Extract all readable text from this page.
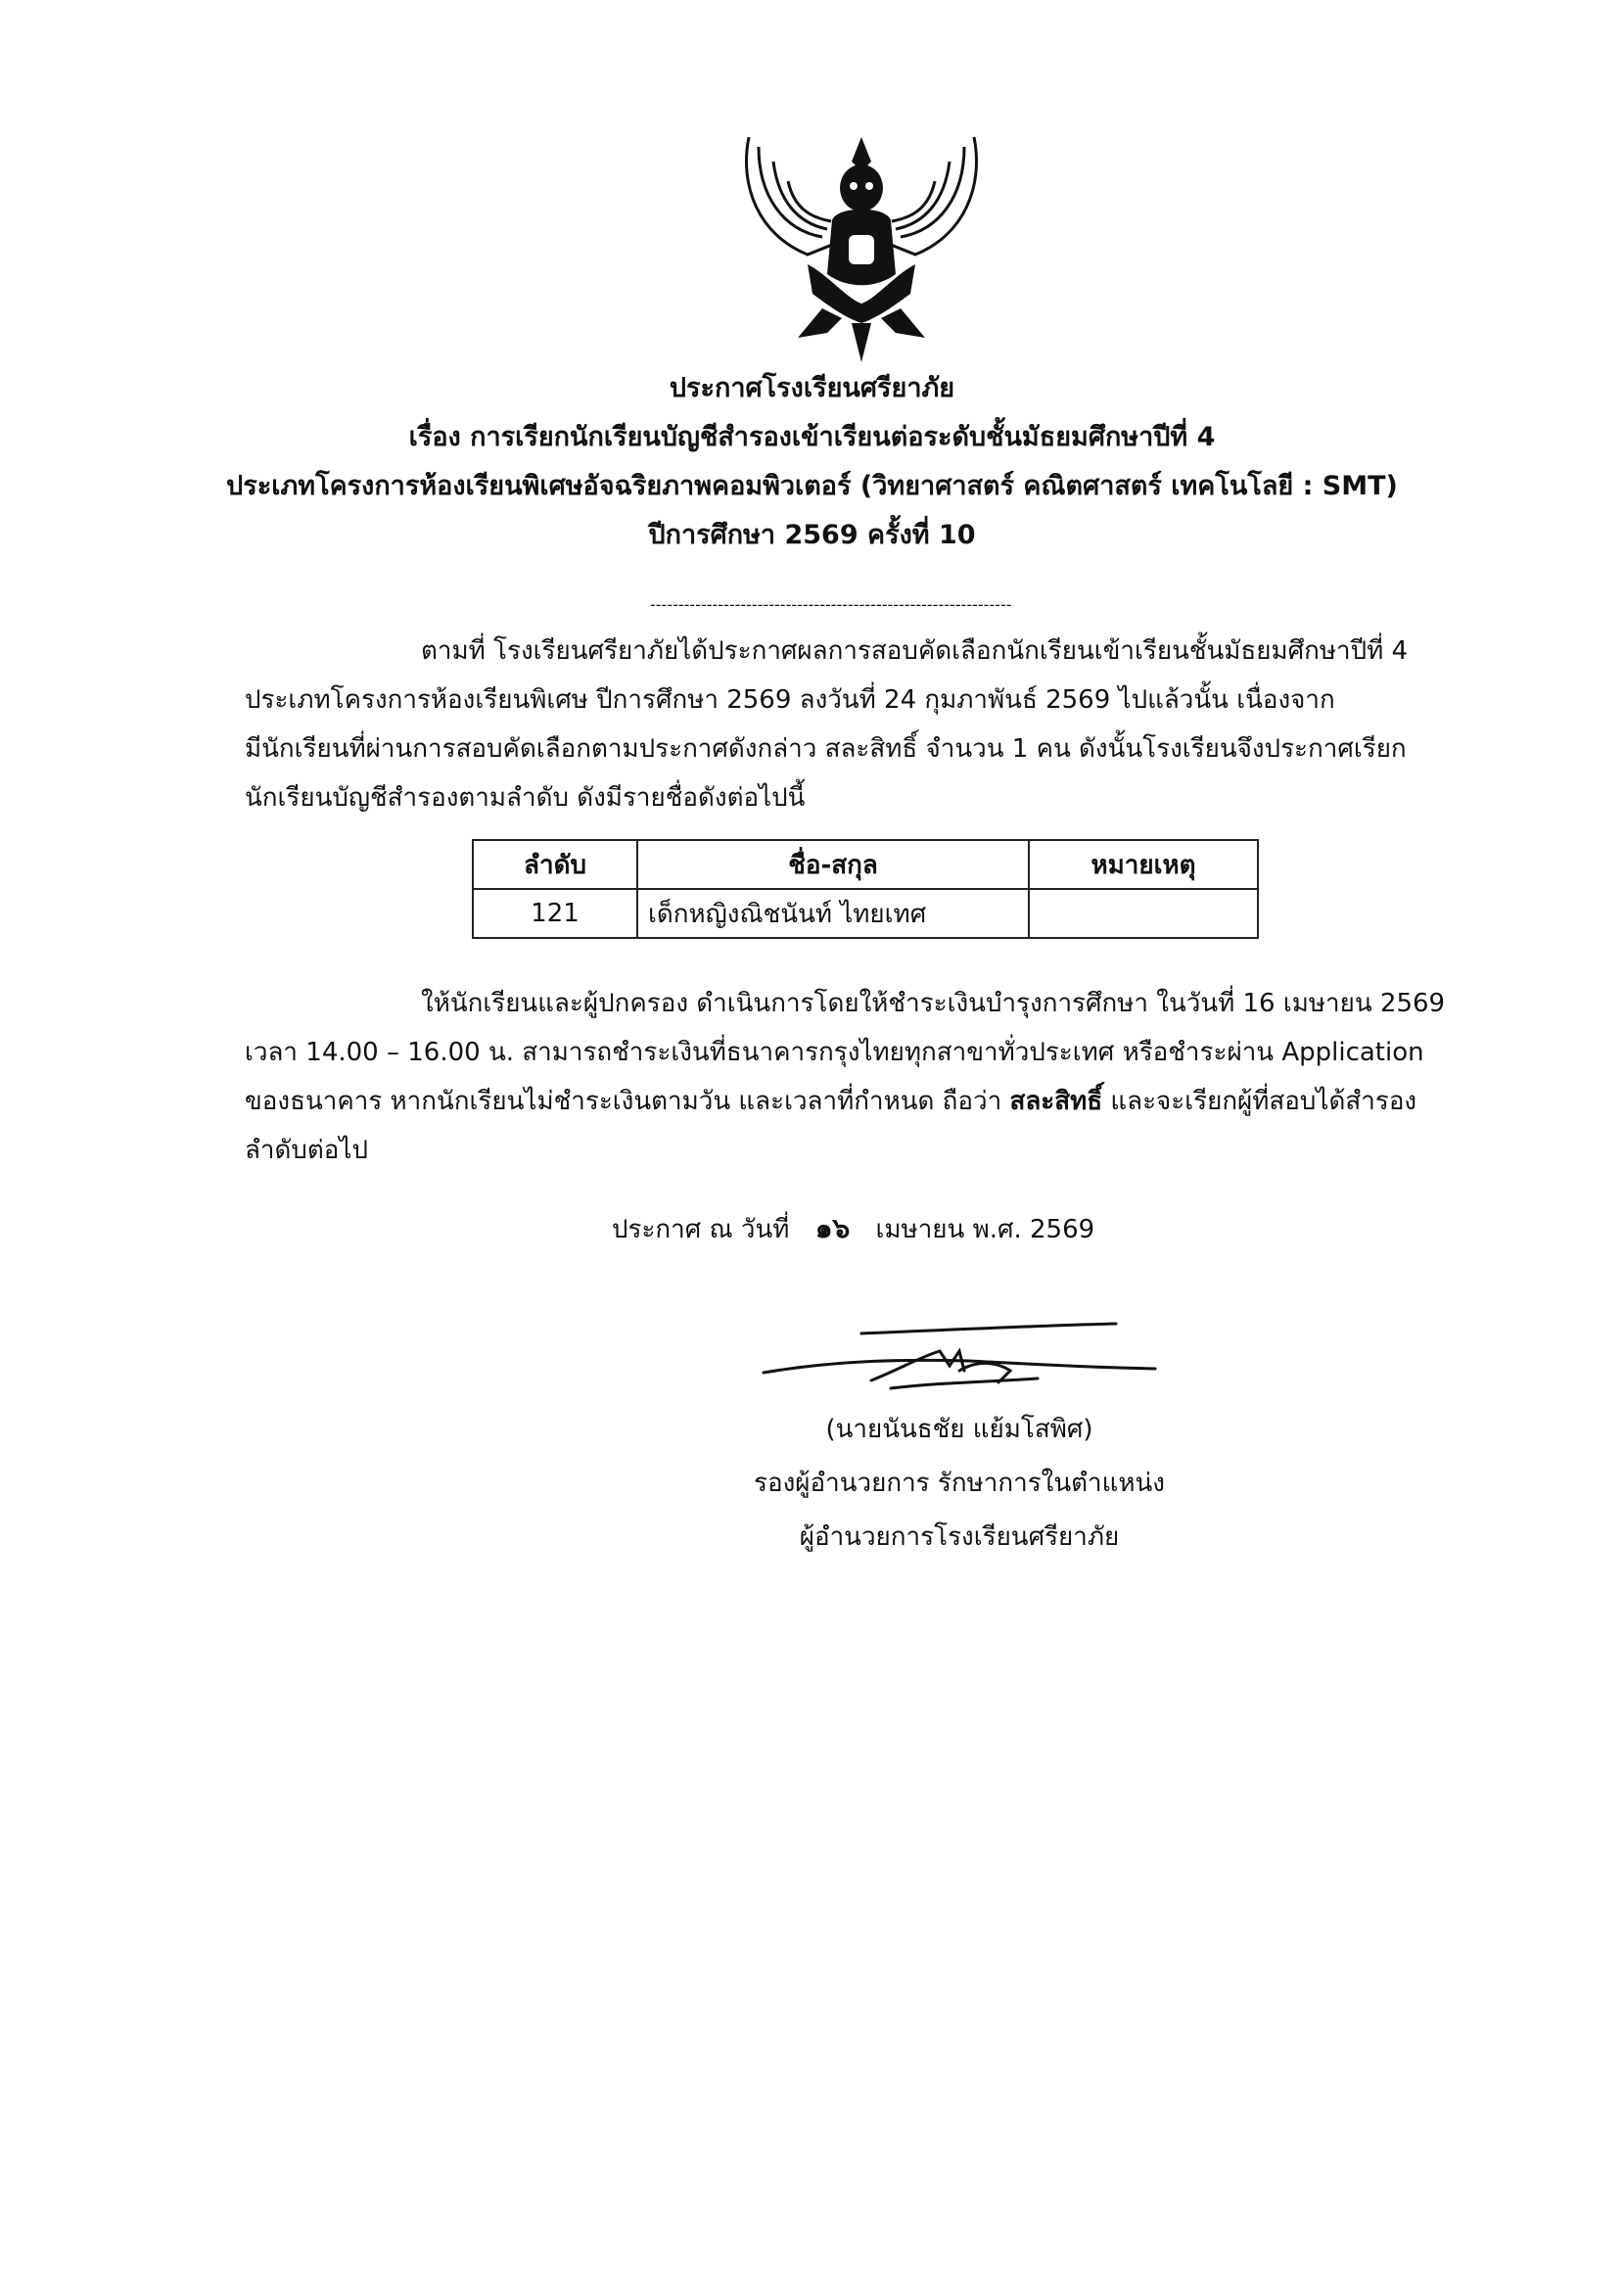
ประกาศโรงเรียนศรียาภัย
เรื่อง การเรียกนักเรียนบัญชีสำรองเข้าเรียนต่อระดับชั้นมัธยมศึกษาปีที่ 4
ประเภทโครงการห้องเรียนพิเศษอัจฉริยภาพคอมพิวเตอร์ (วิทยาศาสตร์ คณิตศาสตร์ เทคโนโลยี : SMT)
ปีการศึกษา 2569 ครั้งที่ 10
----------------------------------------------------------------
ตามที่ โรงเรียนศรียาภัยได้ประกาศผลการสอบคัดเลือกนักเรียนเข้าเรียนชั้นมัธยมศึกษาปีที่ 4
ประเภทโครงการห้องเรียนพิเศษ ปีการศึกษา 2569 ลงวันที่ 24 กุมภาพันธ์ 2569 ไปแล้วนั้น เนื่องจาก
มีนักเรียนที่ผ่านการสอบคัดเลือกตามประกาศดังกล่าว สละสิทธิ์ จำนวน 1 คน ดังนั้นโรงเรียนจึงประกาศเรียก
นักเรียนบัญชีสำรองตามลำดับ ดังมีรายชื่อดังต่อไปนี้
ลำดับ	ชื่อ-สกุล	หมายเหตุ
121	เด็กหญิงณิชนันท์ ไทยเทศ	
ให้นักเรียนและผู้ปกครอง ดำเนินการโดยให้ชำระเงินบำรุงการศึกษา ในวันที่ 16 เมษายน 2569
เวลา 14.00 – 16.00 น. สามารถชำระเงินที่ธนาคารกรุงไทยทุกสาขาทั่วประเทศ หรือชำระผ่าน Application
ของธนาคาร หากนักเรียนไม่ชำระเงินตามวัน และเวลาที่กำหนด ถือว่า สละสิทธิ์ และจะเรียกผู้ที่สอบได้สำรอง
ลำดับต่อไป
ประกาศ ณ วันที่ ๑๖ เมษายน พ.ศ. 2569
(นายนันธชัย แย้มโสพิศ)
รองผู้อำนวยการ รักษาการในตำแหน่ง
ผู้อำนวยการโรงเรียนศรียาภัย
